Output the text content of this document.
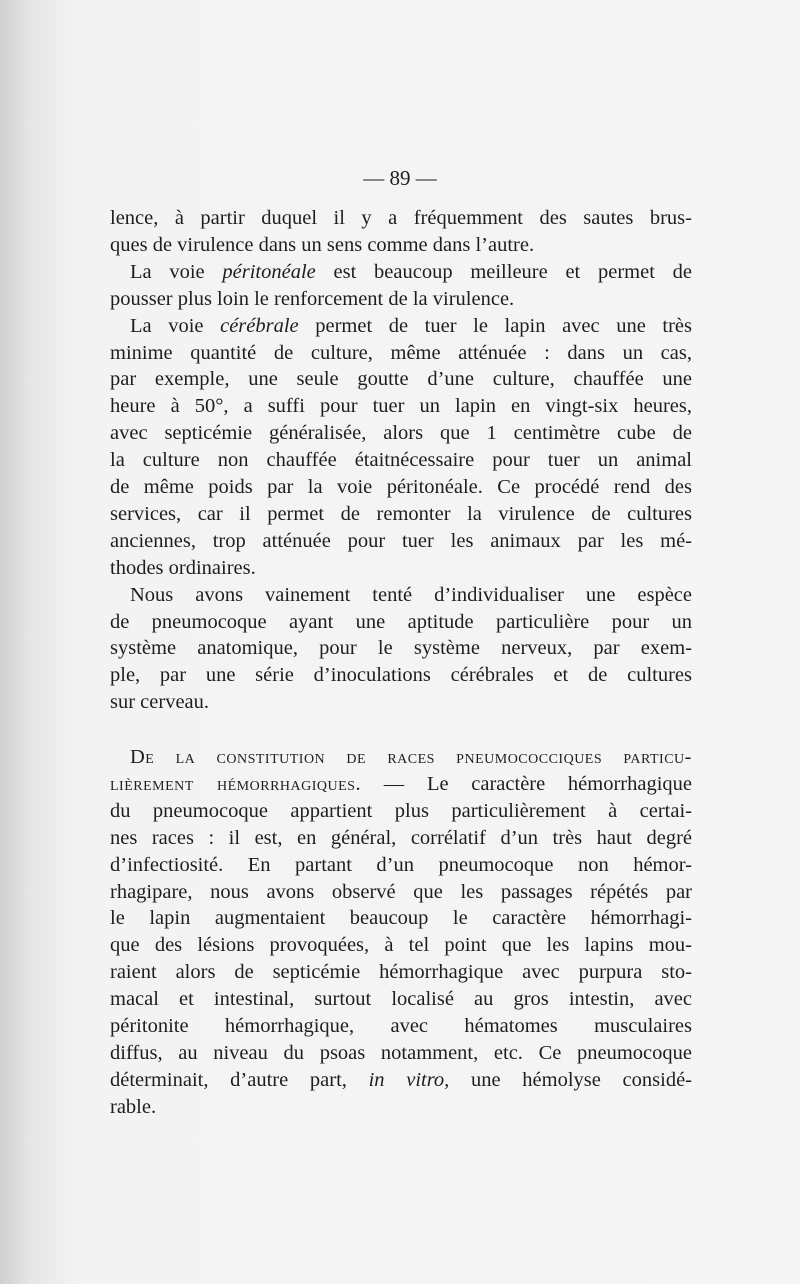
— 89 —
lence, à partir duquel il y a fréquemment des sautes brus-
ques de virulence dans un sens comme dans l’autre.
La voie péritonéale est beaucoup meilleure et permet de
pousser plus loin le renforcement de la virulence.
La voie cérébrale permet de tuer le lapin avec une très
minime quantité de culture, même atténuée : dans un cas,
par exemple, une seule goutte d’une culture, chauffée une
heure à 50°, a suffi pour tuer un lapin en vingt-six heures,
avec septicémie généralisée, alors que 1 centimètre cube de
la culture non chauffée étaitnécessaire pour tuer un animal
de même poids par la voie péritonéale. Ce procédé rend des
services, car il permet de remonter la virulence de cultures
anciennes, trop atténuée pour tuer les animaux par les mé-
thodes ordinaires.
Nous avons vainement tenté d’individualiser une espèce
de pneumocoque ayant une aptitude particulière pour un
système anatomique, pour le système nerveux, par exem-
ple, par une série d’inoculations cérébrales et de cultures
sur cerveau.
De la constitution de races pneumococciques particu-
lièrement hémorrhagiques. — Le caractère hémorrhagique
du pneumocoque appartient plus particulièrement à certai-
nes races : il est, en général, corrélatif d’un très haut degré
d’infectiosité. En partant d’un pneumocoque non hémor-
rhagipare, nous avons observé que les passages répétés par
le lapin augmentaient beaucoup le caractère hémorrhagi-
que des lésions provoquées, à tel point que les lapins mou-
raient alors de septicémie hémorrhagique avec purpura sto-
macal et intestinal, surtout localisé au gros intestin, avec
péritonite hémorrhagique, avec hématomes musculaires
diffus, au niveau du psoas notamment, etc. Ce pneumocoque
déterminait, d’autre part, in vitro, une hémolyse considé-
rable.
